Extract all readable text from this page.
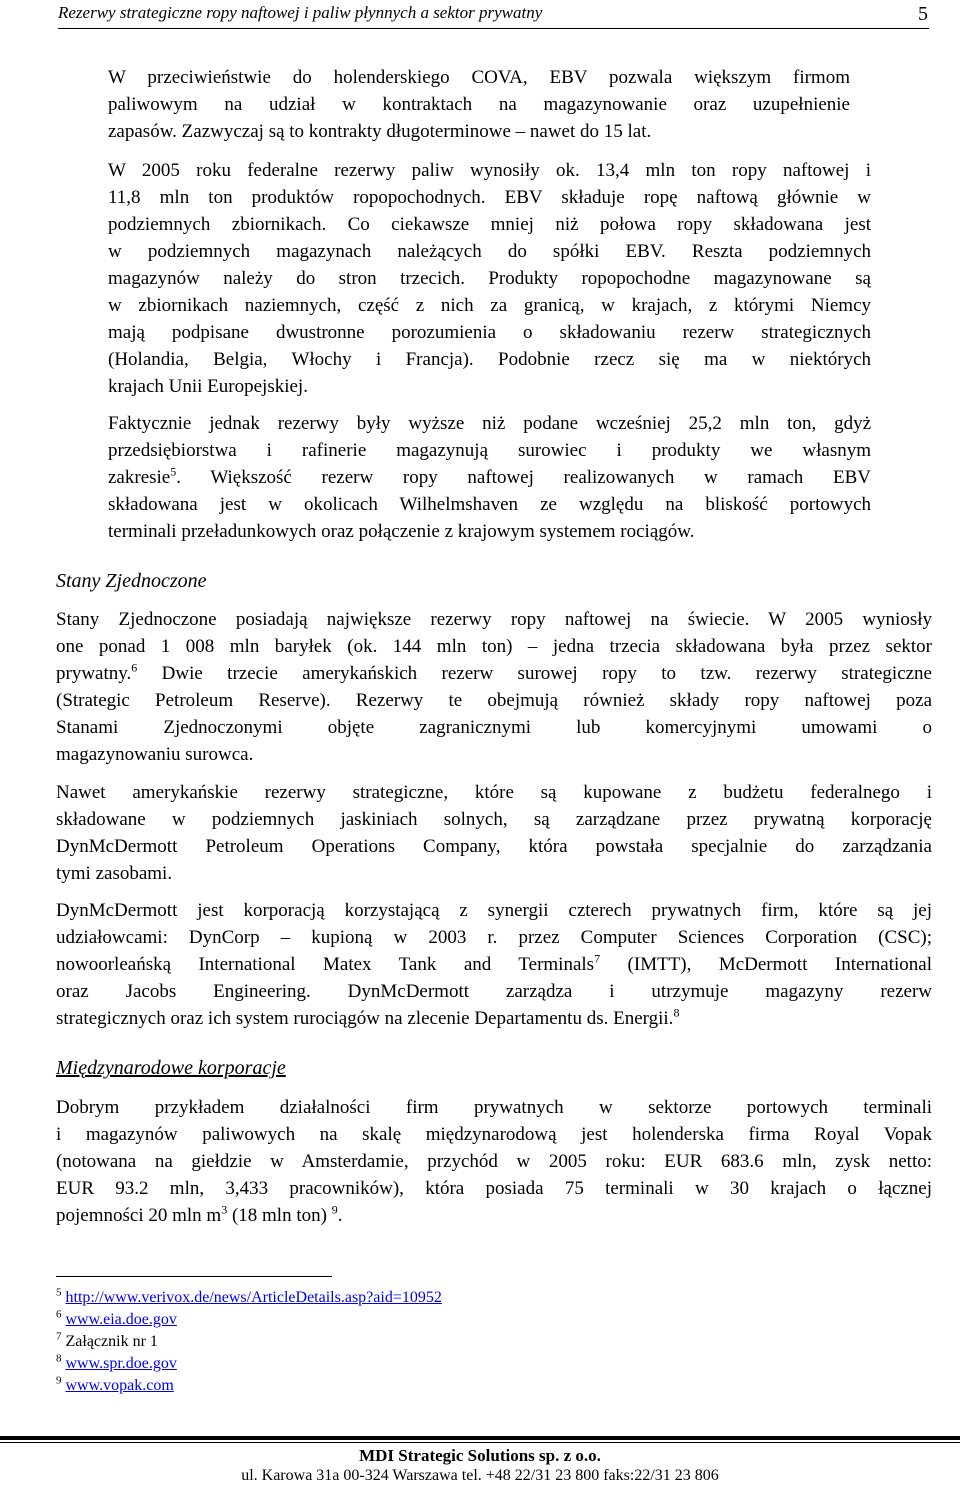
Rezerwy strategiczne ropy naftowej i paliw płynnych a sektor prywatny	5
W przeciwieństwie do holenderskiego COVA, EBV pozwala większym firmom
paliwowym na udział w kontraktach na magazynowanie oraz uzupełnienie
zapasów. Zazwyczaj są to kontrakty długoterminowe – nawet do 15 lat.
W 2005 roku federalne rezerwy paliw wynosiły ok. 13,4 mln ton ropy naftowej i
11,8 mln ton produktów ropopochodnych. EBV składuje ropę naftową głównie w
podziemnych zbiornikach. Co ciekawsze mniej niż połowa ropy składowana jest
w podziemnych magazynach należących do spółki EBV. Reszta podziemnych
magazynów należy do stron trzecich. Produkty ropopochodne magazynowane są
w zbiornikach naziemnych, część z nich za granicą, w krajach, z którymi Niemcy
mają podpisane dwustronne porozumienia o składowaniu rezerw strategicznych
(Holandia, Belgia, Włochy i Francja). Podobnie rzecz się ma w niektórych
krajach Unii Europejskiej.
Faktycznie jednak rezerwy były wyższe niż podane wcześniej 25,2 mln ton, gdyż
przedsiębiorstwa i rafinerie magazynują surowiec i produkty we własnym
zakresie$^5$. Większość rezerw ropy naftowej realizowanych w ramach EBV
składowana jest w okolicach Wilhelmshaven ze względu na bliskość portowych
terminali przeładunkowych oraz połączenie z krajowym systemem rociągów.
Stany Zjednoczone
Stany Zjednoczone posiadają największe rezerwy ropy naftowej na świecie. W 2005 wyniosły
one ponad 1 008 mln baryłek (ok. 144 mln ton) – jedna trzecia składowana była przez sektor
prywatny.$^6$ Dwie trzecie amerykańskich rezerw surowej ropy to tzw. rezerwy strategiczne
(Strategic Petroleum Reserve). Rezerwy te obejmują również składy ropy naftowej poza
Stanami Zjednoczonymi objęte zagranicznymi lub komercyjnymi umowami o
magazynowaniu surowca.
Nawet amerykańskie rezerwy strategiczne, które są kupowane z budżetu federalnego i
składowane w podziemnych jaskiniach solnych, są zarządzane przez prywatną korporację
DynMcDermott Petroleum Operations Company, która powstała specjalnie do zarządzania
tymi zasobami.
DynMcDermott jest korporacją korzystającą z synergii czterech prywatnych firm, które są jej
udziałowcami: DynCorp – kupioną w 2003 r. przez Computer Sciences Corporation (CSC);
nowoorleańską International Matex Tank and Terminals$^7$ (IMTT), McDermott International
oraz Jacobs Engineering. DynMcDermott zarządza i utrzymuje magazyny rezerw
strategicznych oraz ich system rurociągów na zlecenie Departamentu ds. Energii.$^8$
Międzynarodowe korporacje
Dobrym przykładem działalności firm prywatnych w sektorze portowych terminali
i magazynów paliwowych na skalę międzynarodową jest holenderska firma Royal Vopak
(notowana na giełdzie w Amsterdamie, przychód w 2005 roku: EUR 683.6 mln, zysk netto:
EUR 93.2 mln, 3,433 pracowników), która posiada 75 terminali w 30 krajach o łącznej
pojemności 20 mln $m^3$ (18 mln ton) $^9$.
$^5$ http://www.verivox.de/news/ArticleDetails.asp?aid=10952
$^6$ www.eia.doe.gov
$^7$ Załącznik nr 1
$^8$ www.spr.doe.gov
$^9$ www.vopak.com
MDI Strategic Solutions sp. z o.o.
ul. Karowa 31a 00-324 Warszawa tel. +48 22/31 23 800 faks:22/31 23 806
